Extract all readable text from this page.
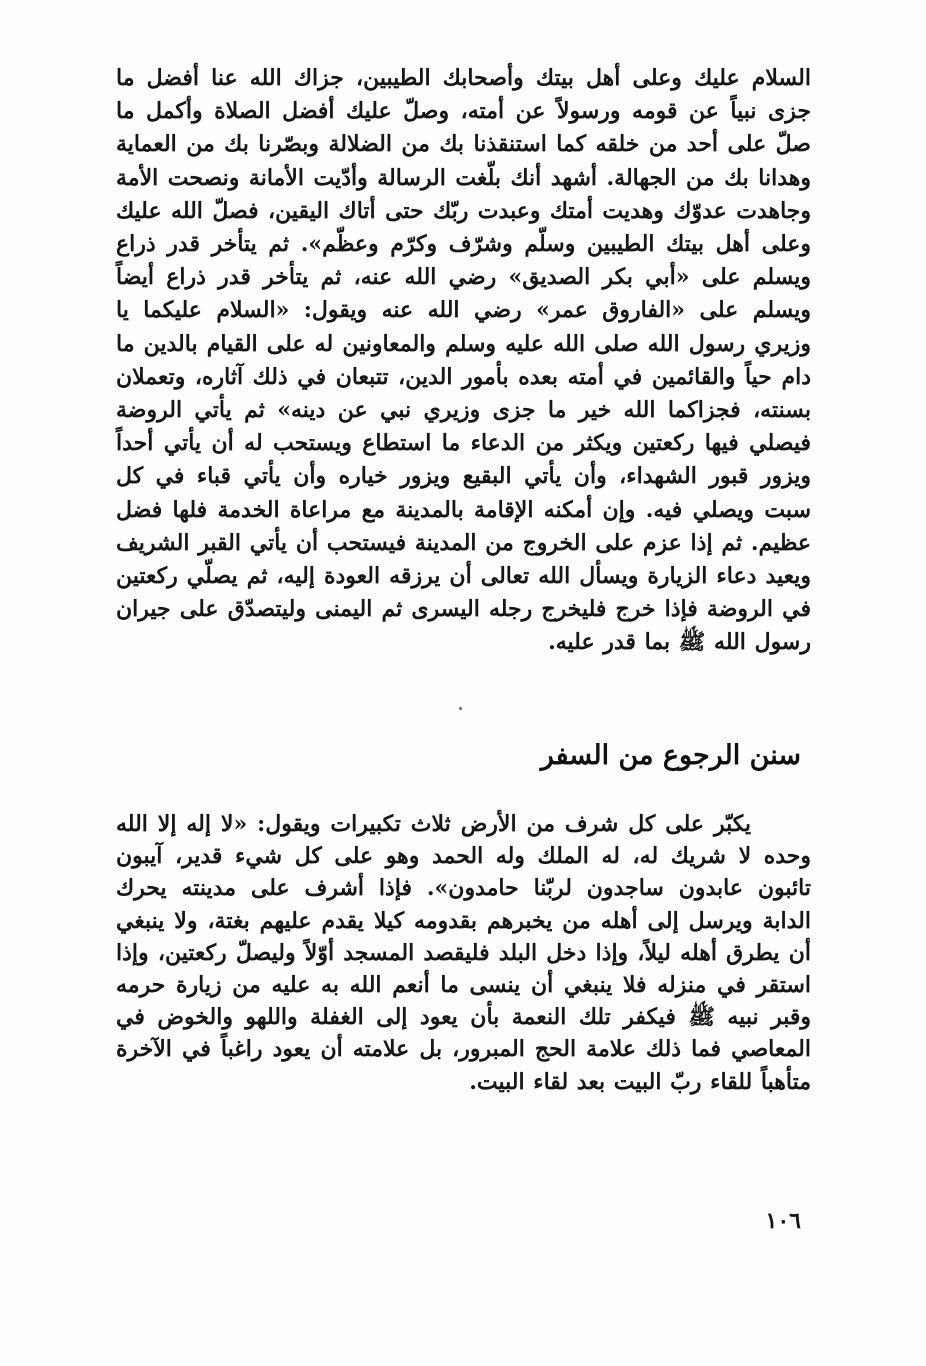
السلام عليك وعلى أهل بيتك وأصحابك الطيبين، جزاك الله عنا أفضل ما جزى نبياً عن قومه ورسولاً عن أمته، وصلّ عليك أفضل الصلاة وأكمل ما صلّ على أحد من خلقه كما استنقذنا بك من الضلالة وبصّرنا بك من العماية وهدانا بك من الجهالة. أشهد أنك بلّغت الرسالة وأدّيت الأمانة ونصحت الأمة وجاهدت عدوّك وهديت أمتك وعبدت ربّك حتى أتاك اليقين، فصلّ الله عليك وعلى أهل بيتك الطيبين وسلّم وشرّف وكرّم وعظّم». ثم يتأخر قدر ذراع ويسلم على «أبي بكر الصديق» رضي الله عنه، ثم يتأخر قدر ذراع أيضاً ويسلم على «الفاروق عمر» رضي الله عنه ويقول: «السلام عليكما يا وزيري رسول الله صلى الله عليه وسلم والمعاونين له على القيام بالدين ما دام حياً والقائمين في أمته بعده بأمور الدين، تتبعان في ذلك آثاره، وتعملان بسنته، فجزاكما الله خير ما جزى وزيري نبي عن دينه» ثم يأتي الروضة فيصلي فيها ركعتين ويكثر من الدعاء ما استطاع ويستحب له أن يأتي أحداً ويزور قبور الشهداء، وأن يأتي البقيع ويزور خياره وأن يأتي قباء في كل سبت ويصلي فيه. وإن أمكنه الإقامة بالمدينة مع مراعاة الخدمة فلها فضل عظيم. ثم إذا عزم على الخروج من المدينة فيستحب أن يأتي القبر الشريف ويعيد دعاء الزيارة ويسأل الله تعالى أن يرزقه العودة إليه، ثم يصلّي ركعتين في الروضة فإذا خرج فليخرج رجله اليسرى ثم اليمنى وليتصدّق على جيران رسول الله ﷺ بما قدر عليه.

سنن الرجوع من السفر

يكبّر على كل شرف من الأرض ثلاث تكبيرات ويقول: «لا إله إلا الله وحده لا شريك له، له الملك وله الحمد وهو على كل شيء قدير، آيبون تائبون عابدون ساجدون لربّنا حامدون». فإذا أشرف على مدينته يحرك الدابة ويرسل إلى أهله من يخبرهم بقدومه كيلا يقدم عليهم بغتة، ولا ينبغي أن يطرق أهله ليلاً، وإذا دخل البلد فليقصد المسجد أوّلاً وليصلّ ركعتين، وإذا استقر في منزله فلا ينبغي أن ينسى ما أنعم الله به عليه من زيارة حرمه وقبر نبيه ﷺ فيكفر تلك النعمة بأن يعود إلى الغفلة واللهو والخوض في المعاصي فما ذلك علامة الحج المبرور، بل علامته أن يعود راغباً في الآخرة متأهباً للقاء ربّ البيت بعد لقاء البيت.

١٠٦
